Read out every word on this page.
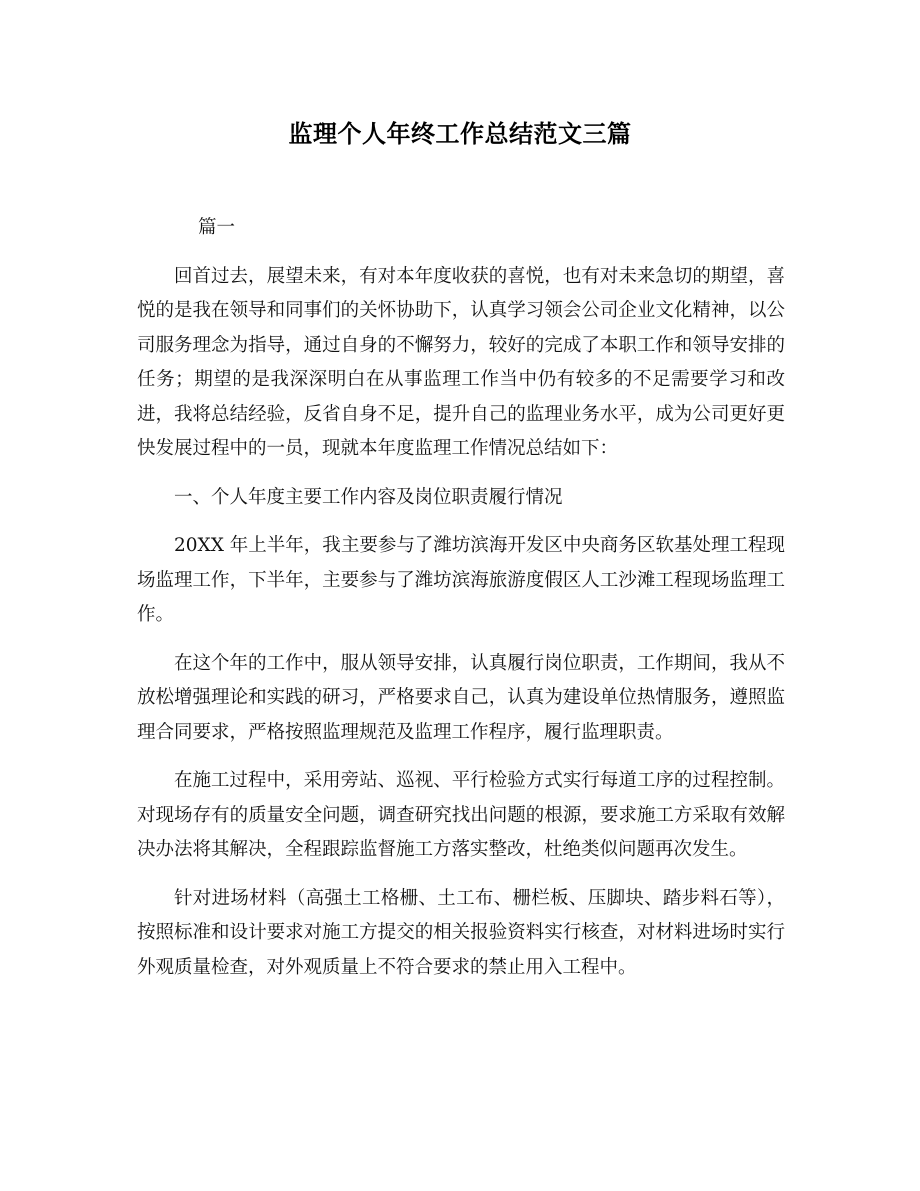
监理个人年终工作总结范文三篇

篇一

回首过去，展望未来，有对本年度收获的喜悦，也有对未来急切的期望，喜悦的是我在领导和同事们的关怀协助下，认真学习领会公司企业文化精神，以公司服务理念为指导，通过自身的不懈努力，较好的完成了本职工作和领导安排的任务；期望的是我深深明白在从事监理工作当中仍有较多的不足需要学习和改进，我将总结经验，反省自身不足，提升自己的监理业务水平，成为公司更好更快发展过程中的一员，现就本年度监理工作情况总结如下：

一、个人年度主要工作内容及岗位职责履行情况

20XX 年上半年，我主要参与了潍坊滨海开发区中央商务区软基处理工程现场监理工作，下半年，主要参与了潍坊滨海旅游度假区人工沙滩工程现场监理工作。

在这个年的工作中，服从领导安排，认真履行岗位职责，工作期间，我从不放松增强理论和实践的研习，严格要求自己，认真为建设单位热情服务，遵照监理合同要求，严格按照监理规范及监理工作程序，履行监理职责。

在施工过程中，采用旁站、巡视、平行检验方式实行每道工序的过程控制。对现场存有的质量安全问题，调查研究找出问题的根源，要求施工方采取有效解决办法将其解决，全程跟踪监督施工方落实整改，杜绝类似问题再次发生。

针对进场材料（高强土工格栅、土工布、栅栏板、压脚块、踏步料石等），按照标准和设计要求对施工方提交的相关报验资料实行核查，对材料进场时实行外观质量检查，对外观质量上不符合要求的禁止用入工程中。
